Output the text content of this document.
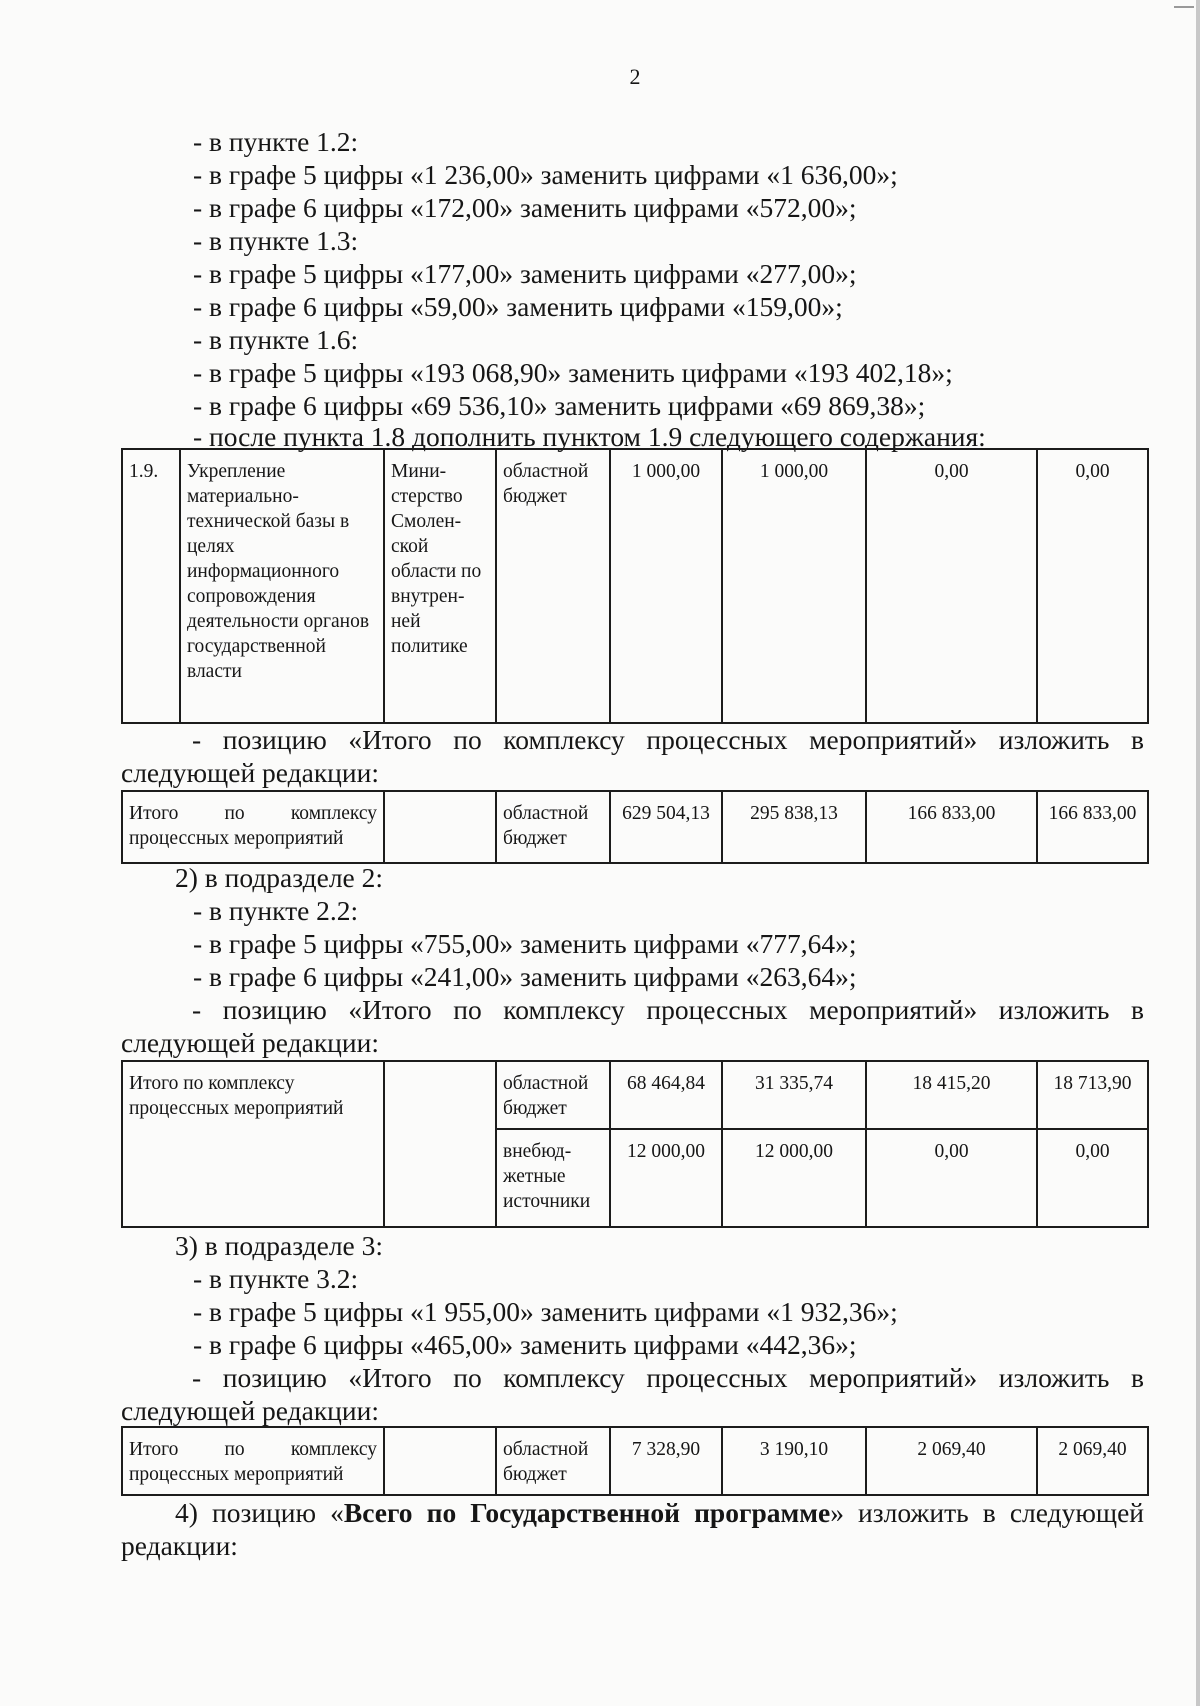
2
- в пункте 1.2:
- в графе 5 цифры «1 236,00» заменить цифрами «1 636,00»;
- в графе 6 цифры «172,00» заменить цифрами «572,00»;
- в пункте 1.3:
- в графе 5 цифры «177,00» заменить цифрами «277,00»;
- в графе 6 цифры «59,00» заменить цифрами «159,00»;
- в пункте 1.6:
- в графе 5 цифры «193 068,90» заменить цифрами «193 402,18»;
- в графе 6 цифры «69 536,10» заменить цифрами «69 869,38»;
- после пункта 1.8 дополнить пунктом 1.9 следующего содержания:
1.9.	Укрепление материально-технической базы в целях информационного сопровождения деятельности органов государственной власти	Мини-стерство Смолен-ской области по внутрен-ней политике	областной бюджет	1 000,00	1 000,00	0,00	0,00
- позицию «Итого по комплексу процессных мероприятий» изложить в
следующей редакции:
Итого по комплексу процессных мероприятий		областной бюджет	629 504,13	295 838,13	166 833,00	166 833,00
2) в подразделе 2:
- в пункте 2.2:
- в графе 5 цифры «755,00» заменить цифрами «777,64»;
- в графе 6 цифры «241,00» заменить цифрами «263,64»;
- позицию «Итого по комплексу процессных мероприятий» изложить в
следующей редакции:
Итого по комплексу процессных мероприятий		областной бюджет	68 464,84	31 335,74	18 415,20	18 713,90
		внебюд-жетные источники	12 000,00	12 000,00	0,00	0,00
3) в подразделе 3:
- в пункте 3.2:
- в графе 5 цифры «1 955,00» заменить цифрами «1 932,36»;
- в графе 6 цифры «465,00» заменить цифрами «442,36»;
- позицию «Итого по комплексу процессных мероприятий» изложить в
следующей редакции:
Итого по комплексу процессных мероприятий		областной бюджет	7 328,90	3 190,10	2 069,40	2 069,40
4) позицию «Всего по Государственной программе» изложить в следующей
редакции:
